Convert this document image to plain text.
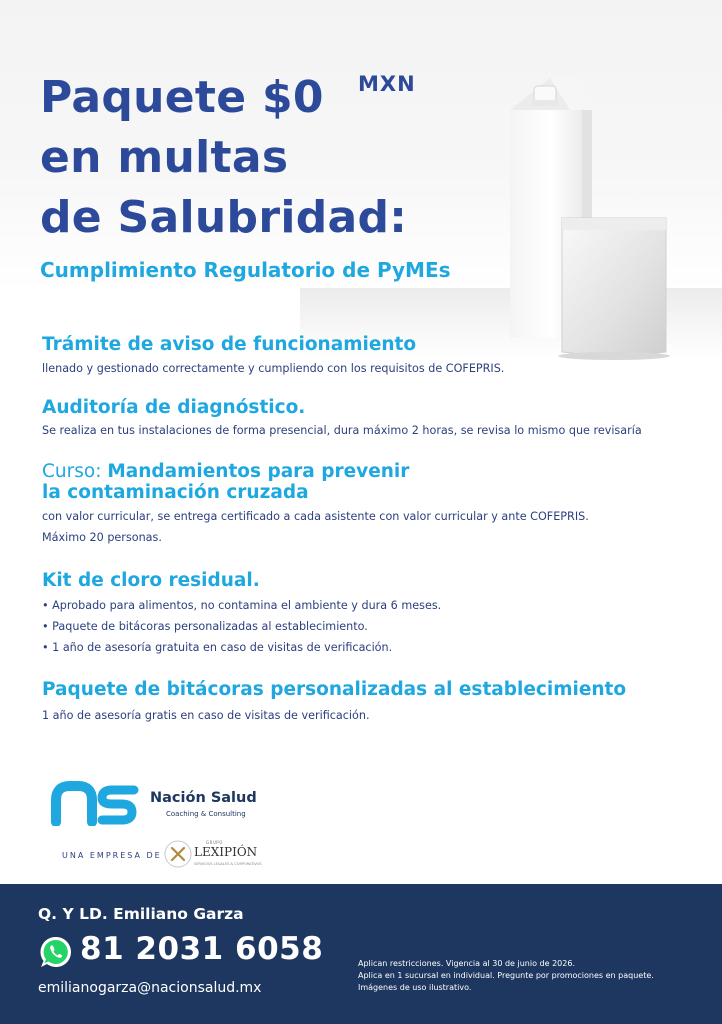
Paquete $0	MXN
en multas
de Salubridad:

Cumplimiento Regulatorio de PyMEs

Trámite de aviso de funcionamiento

llenado y gestionado correctamente y cumpliendo con los requisitos de COFEPRIS.

Auditoría de diagnóstico.

Se realiza en tus instalaciones de forma presencial, dura máximo 2 horas, se revisa lo mismo que revisaría

Curso: Mandamientos para prevenir

la contaminación cruzada

con valor curricular, se entrega certificado a cada asistente con valor curricular y ante COFEPRIS.

Máximo 20 personas.

Kit de cloro residual.

• Aprobado para alimentos, no contamina el ambiente y dura 6 meses.

• Paquete de bitácoras personalizadas al establecimiento.

• 1 año de asesoría gratuita en caso de visitas de verificación.

Paquete de bitácoras personalizadas al establecimiento

1 año de asesoría gratis en caso de visitas de verificación.

Nación Salud

Coaching & Consulting

UNA EMPRESA DE

GRUPO

LEXIPIÓN

SERVICIOS LEGALES & CORPORATIVOS

Q. Y LD. Emiliano Garza

81 2031 6058

emilianogarza@nacionsalud.mx

Aplican restricciones. Vigencia al 30 de junio de 2026.

Aplica en 1 sucursal en individual. Pregunte por promociones en paquete.

Imágenes de uso ilustrativo.
